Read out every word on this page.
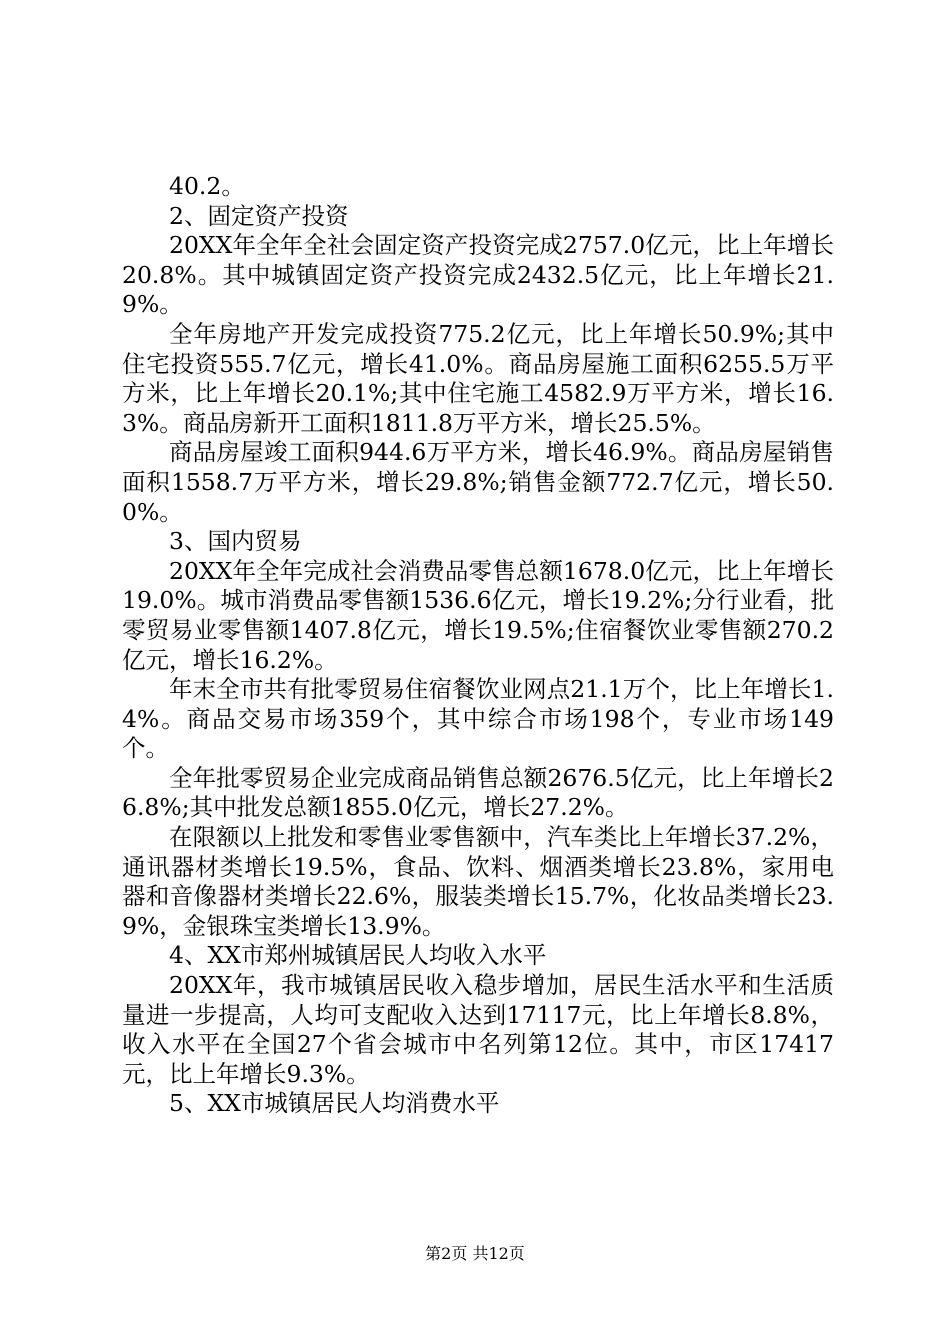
40.2。

2、固定资产投资

20XX年全年全社会固定资产投资完成2757.0亿元，比上年增长20.8%。其中城镇固定资产投资完成2432.5亿元，比上年增长21.9%。

全年房地产开发完成投资775.2亿元，比上年增长50.9%;其中住宅投资555.7亿元，增长41.0%。商品房屋施工面积6255.5万平方米，比上年增长20.1%;其中住宅施工4582.9万平方米，增长16.3%。商品房新开工面积1811.8万平方米，增长25.5%。

商品房屋竣工面积944.6万平方米，增长46.9%。商品房屋销售面积1558.7万平方米，增长29.8%;销售金额772.7亿元，增长50.0%。

3、国内贸易

20XX年全年完成社会消费品零售总额1678.0亿元，比上年增长19.0%。城市消费品零售额1536.6亿元，增长19.2%;分行业看，批零贸易业零售额1407.8亿元，增长19.5%;住宿餐饮业零售额270.2亿元，增长16.2%。

年末全市共有批零贸易住宿餐饮业网点21.1万个，比上年增长1.4%。商品交易市场359个，其中综合市场198个，专业市场149个。

全年批零贸易企业完成商品销售总额2676.5亿元，比上年增长26.8%;其中批发总额1855.0亿元，增长27.2%。

在限额以上批发和零售业零售额中，汽车类比上年增长37.2%，通讯器材类增长19.5%，食品、饮料、烟酒类增长23.8%，家用电器和音像器材类增长22.6%，服装类增长15.7%，化妆品类增长23.9%，金银珠宝类增长13.9%。

4、XX市郑州城镇居民人均收入水平

20XX年，我市城镇居民收入稳步增加，居民生活水平和生活质量进一步提高，人均可支配收入达到17117元，比上年增长8.8%，收入水平在全国27个省会城市中名列第12位。其中，市区17417元，比上年增长9.3%。

5、XX市城镇居民人均消费水平

第2页 共12页
